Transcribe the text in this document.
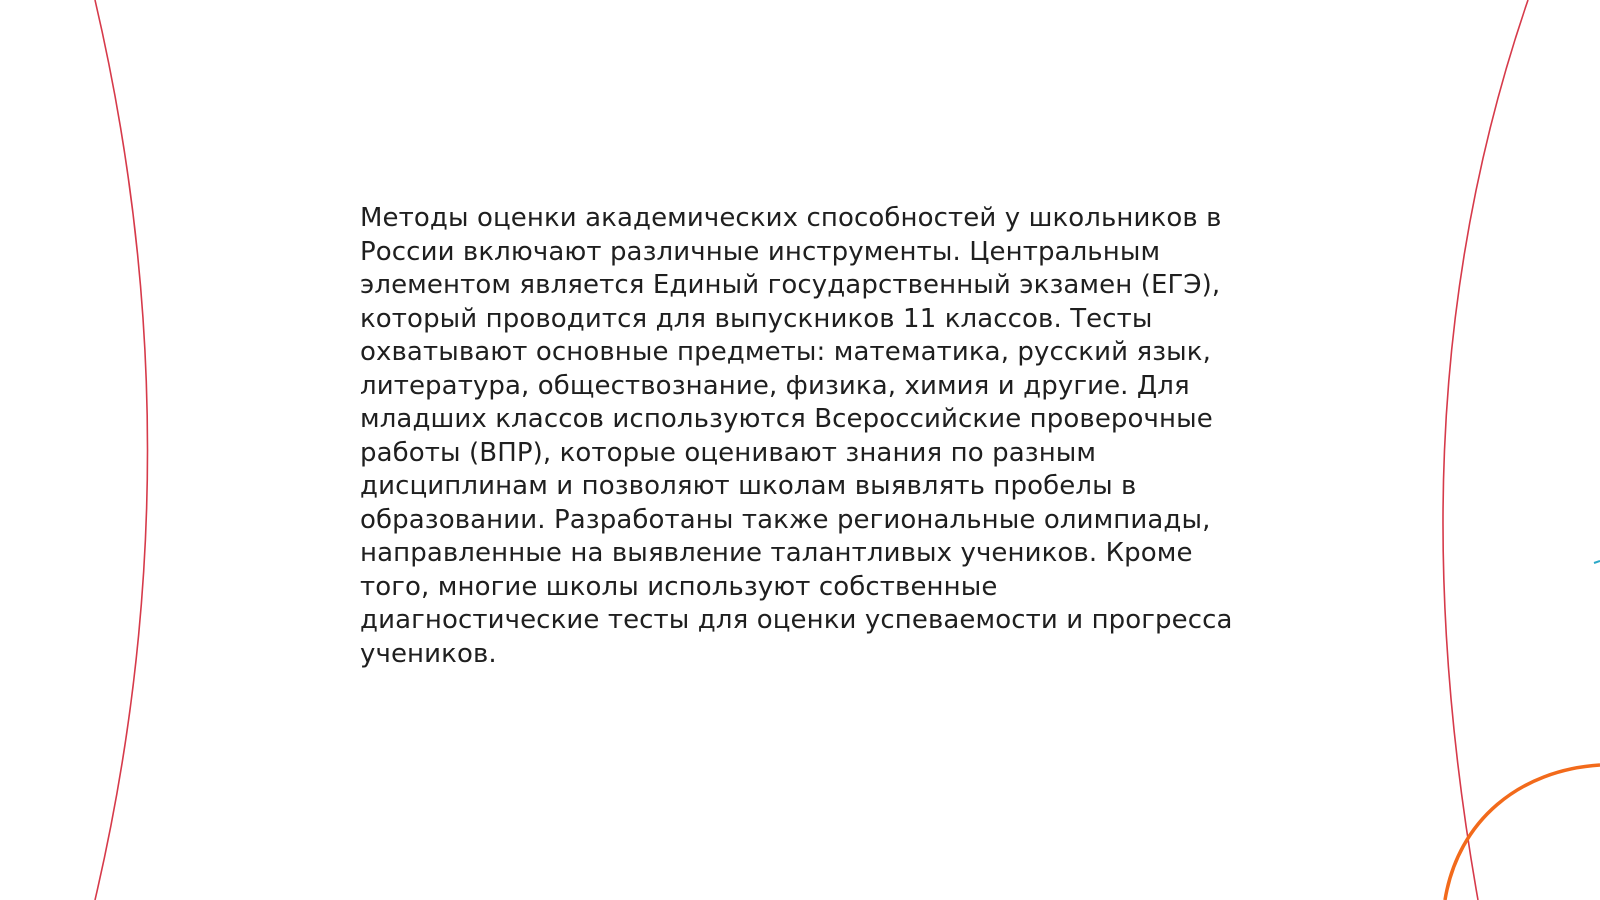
Методы оценки академических способностей у школьников в России включают различные инструменты. Центральным элементом является Единый государственный экзамен (ЕГЭ), который проводится для выпускников 11 классов. Тесты охватывают основные предметы: математика, русский язык, литература, обществознание, физика, химия и другие. Для младших классов используются Всероссийские проверочные работы (ВПР), которые оценивают знания по разным дисциплинам и позволяют школам выявлять пробелы в образовании. Разработаны также региональные олимпиады, направленные на выявление талантливых учеников. Кроме того, многие школы используют собственные диагностические тесты для оценки успеваемости и прогресса учеников.
